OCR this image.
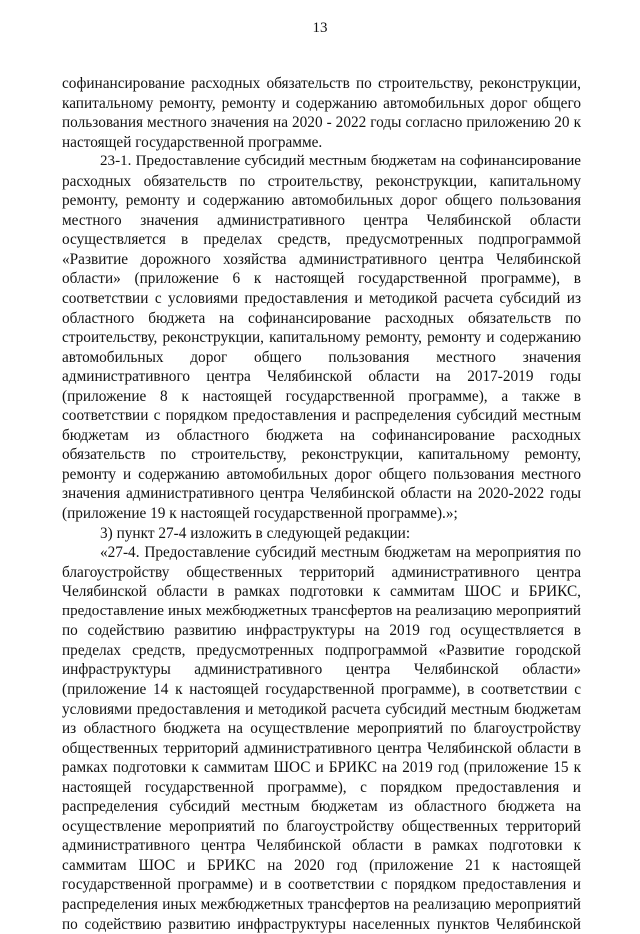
13
софинансирование расходных обязательств по строительству, реконструкции,
капитальному ремонту, ремонту и содержанию автомобильных дорог общего
пользования местного значения на 2020 - 2022 годы согласно приложению 20 к
настоящей государственной программе.
23-1. Предоставление субсидий местным бюджетам на софинансирование
расходных обязательств по строительству, реконструкции, капитальному
ремонту, ремонту и содержанию автомобильных дорог общего пользования
местного значения административного центра Челябинской области
осуществляется в пределах средств, предусмотренных подпрограммой
«Развитие дорожного хозяйства административного центра Челябинской
области» (приложение 6 к настоящей государственной программе), в
соответствии с условиями предоставления и методикой расчета субсидий из
областного бюджета на софинансирование расходных обязательств по
строительству, реконструкции, капитальному ремонту, ремонту и содержанию
автомобильных дорог общего пользования местного значения
административного центра Челябинской области на 2017-2019 годы
(приложение 8 к настоящей государственной программе), а также в
соответствии с порядком предоставления и распределения субсидий местным
бюджетам из областного бюджета на софинансирование расходных
обязательств по строительству, реконструкции, капитальному ремонту,
ремонту и содержанию автомобильных дорог общего пользования местного
значения административного центра Челябинской области на 2020-2022 годы
(приложение 19 к настоящей государственной программе).»;
3) пункт 27-4 изложить в следующей редакции:
«27-4. Предоставление субсидий местным бюджетам на мероприятия по
благоустройству общественных территорий административного центра
Челябинской области в рамках подготовки к саммитам ШОС и БРИКС,
предоставление иных межбюджетных трансфертов на реализацию мероприятий
по содействию развитию инфраструктуры на 2019 год осуществляется в
пределах средств, предусмотренных подпрограммой «Развитие городской
инфраструктуры административного центра Челябинской области»
(приложение 14 к настоящей государственной программе), в соответствии с
условиями предоставления и методикой расчета субсидий местным бюджетам
из областного бюджета на осуществление мероприятий по благоустройству
общественных территорий административного центра Челябинской области в
рамках подготовки к саммитам ШОС и БРИКС на 2019 год (приложение 15 к
настоящей государственной программе), с порядком предоставления и
распределения субсидий местным бюджетам из областного бюджета на
осуществление мероприятий по благоустройству общественных территорий
административного центра Челябинской области в рамках подготовки к
саммитам ШОС и БРИКС на 2020 год (приложение 21 к настоящей
государственной программе) и в соответствии с порядком предоставления и
распределения иных межбюджетных трансфертов на реализацию мероприятий
по содействию развитию инфраструктуры населенных пунктов Челябинской
